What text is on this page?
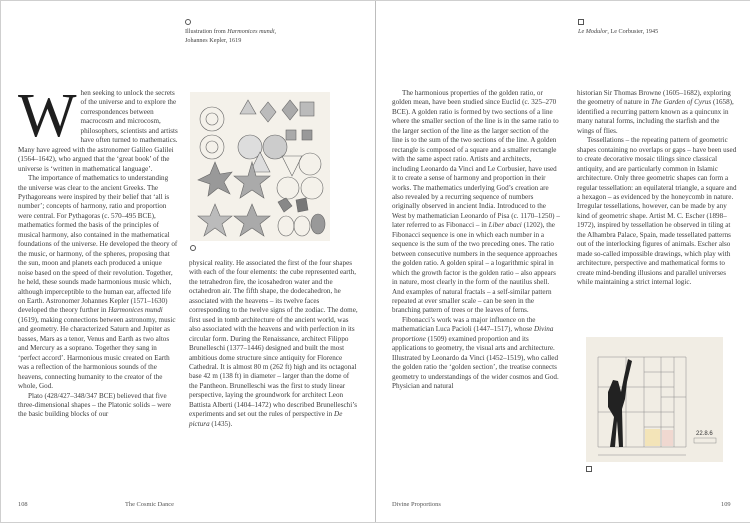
Illustration from Harmonices mundi,
Johannes Kepler, 1619

When seeking to unlock the secrets of the universe and to explore the correspondences between macrocosm and microcosm, philosophers, scientists and artists have often turned to mathematics. Many have agreed with the astronomer Galileo Galilei (1564–1642), who argued that the ‘great book’ of the universe is ‘written in mathematical language’.

The importance of mathematics to understanding the universe was clear to the ancient Greeks. The Pythagoreans were inspired by their belief that ‘all is number’; concepts of harmony, ratio and proportion were central. For Pythagoras (c. 570–495 BCE), mathematics formed the basis of the principles of musical harmony, also contained in the mathematical foundations of the universe. He developed the theory of the music, or harmony, of the spheres, proposing that the sun, moon and planets each produced a unique noise based on the speed of their revolution. Together, he held, these sounds made harmonious music which, although imperceptible to the human ear, affected life on Earth. Astronomer Johannes Kepler (1571–1630) developed the theory further in Harmonices mundi (1619), making connections between astronomy, music and geometry. He characterized Saturn and Jupiter as basses, Mars as a tenor, Venus and Earth as two altos and Mercury as a soprano. Together they sang in ‘perfect accord’. Harmonious music created on Earth was a reflection of the harmonious sounds of the heavens, connecting humanity to the creator of the whole, God.

Plato (428/427–348/347 BCE) believed that five three-dimensional shapes – the Platonic solids – were the basic building blocks of our

physical reality. He associated the first of the four shapes with each of the four elements: the cube represented earth, the tetrahedron fire, the icosahedron water and the octahedron air. The fifth shape, the dodecahedron, he associated with the heavens – its twelve faces corresponding to the twelve signs of the zodiac. The dome, first used in tomb architecture of the ancient world, was also associated with the heavens and with perfection in its circular form. During the Renaissance, architect Filippo Brunelleschi (1377–1446) designed and built the most ambitious dome structure since antiquity for Florence Cathedral. It is almost 80 m (262 ft) high and its octagonal base 42 m (138 ft) in diameter – larger than the dome of the Pantheon. Brunelleschi was the first to study linear perspective, laying the groundwork for architect Leon Battista Alberti (1404–1472) who described Brunelleschi’s experiments and set out the rules of perspective in De pictura (1435).

108	The Cosmic Dance
Le Modulor, Le Corbusier, 1945

The harmonious properties of the golden ratio, or golden mean, have been studied since Euclid (c. 325–270 BCE). A golden ratio is formed by two sections of a line where the smaller section of the line is in the same ratio to the larger section of the line as the larger section of the line is to the sum of the two sections of the line. A golden rectangle is composed of a square and a smaller rectangle with the same aspect ratio. Artists and architects, including Leonardo da Vinci and Le Corbusier, have used it to create a sense of harmony and proportion in their works. The mathematics underlying God’s creation are also revealed by a recurring sequence of numbers originally observed in ancient India. Introduced to the West by mathematician Leonardo of Pisa (c. 1170–1250) – later referred to as Fibonacci – in Liber abaci (1202), the Fibonacci sequence is one in which each number in a sequence is the sum of the two preceding ones. The ratio between consecutive numbers in the sequence approaches the golden ratio. A golden spiral – a logarithmic spiral in which the growth factor is the golden ratio – also appears in nature, most clearly in the form of the nautilus shell. And examples of natural fractals – a self-similar pattern repeated at ever smaller scale – can be seen in the branching pattern of trees or the leaves of ferns.

Fibonacci’s work was a major influence on the mathematician Luca Pacioli (1447–1517), whose Divina proportione (1509) examined proportion and its applications to geometry, the visual arts and architecture. Illustrated by Leonardo da Vinci (1452–1519), who called the golden ratio the ‘golden section’, the treatise connects geometry to understandings of the wider cosmos and God. Physician and natural

historian Sir Thomas Browne (1605–1682), exploring the geometry of nature in The Garden of Cyrus (1658), identified a recurring pattern known as a quincunx in many natural forms, including the starfish and the wings of flies.

Tessellations – the repeating pattern of geometric shapes containing no overlaps or gaps – have been used to create decorative mosaic tilings since classical antiquity, and are particularly common in Islamic architecture. Only three geometric shapes can form a regular tessellation: an equilateral triangle, a square and a hexagon – as evidenced by the honeycomb in nature. Irregular tessellations, however, can be made by any kind of geometric shape. Artist M. C. Escher (1898–1972), inspired by tessellation he observed in tiling at the Alhambra Palace, Spain, made tessellated patterns out of the interlocking figures of animals. Escher also made so-called impossible drawings, which play with architecture, perspective and mathematical forms to create mind-bending illusions and parallel universes while maintaining a strict internal logic.

22.8.6
Divine Proportions	109
